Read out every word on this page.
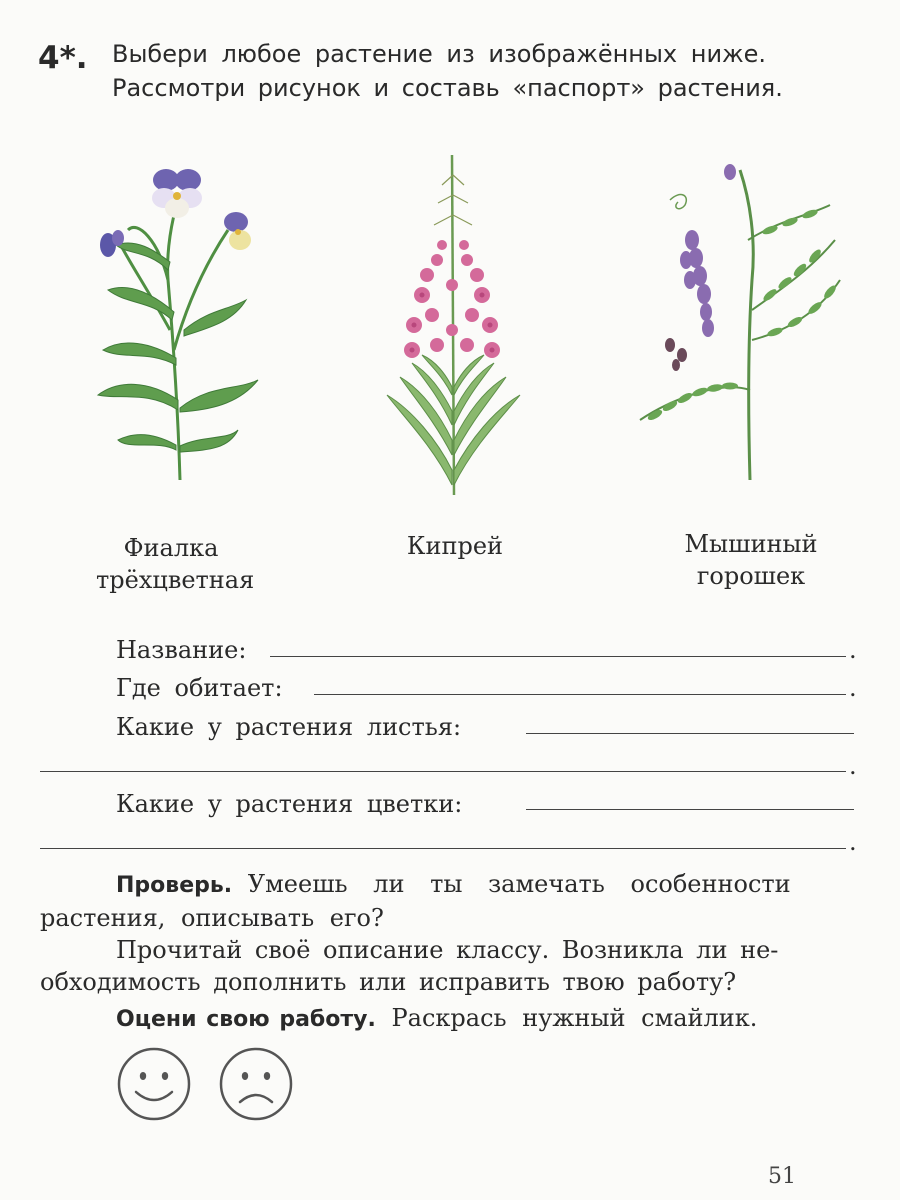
4*. Выбери любое растение из изображённых ниже.
Рассмотри рисунок и составь «паспорт» растения.
Фиалка
трёхцветная
Кипрей	Мышиный
горошек
Название:	.
Где обитает:	.
Какие у растения листья:
.
Какие у растения цветки:
.
Проверь. Умеешь ли ты замечать особенности
растения, описывать его?
Прочитай своё описание классу. Возникла ли не-
обходимость дополнить или исправить твою работу?
Оцени свою работу. Раскрась нужный смайлик.
51
